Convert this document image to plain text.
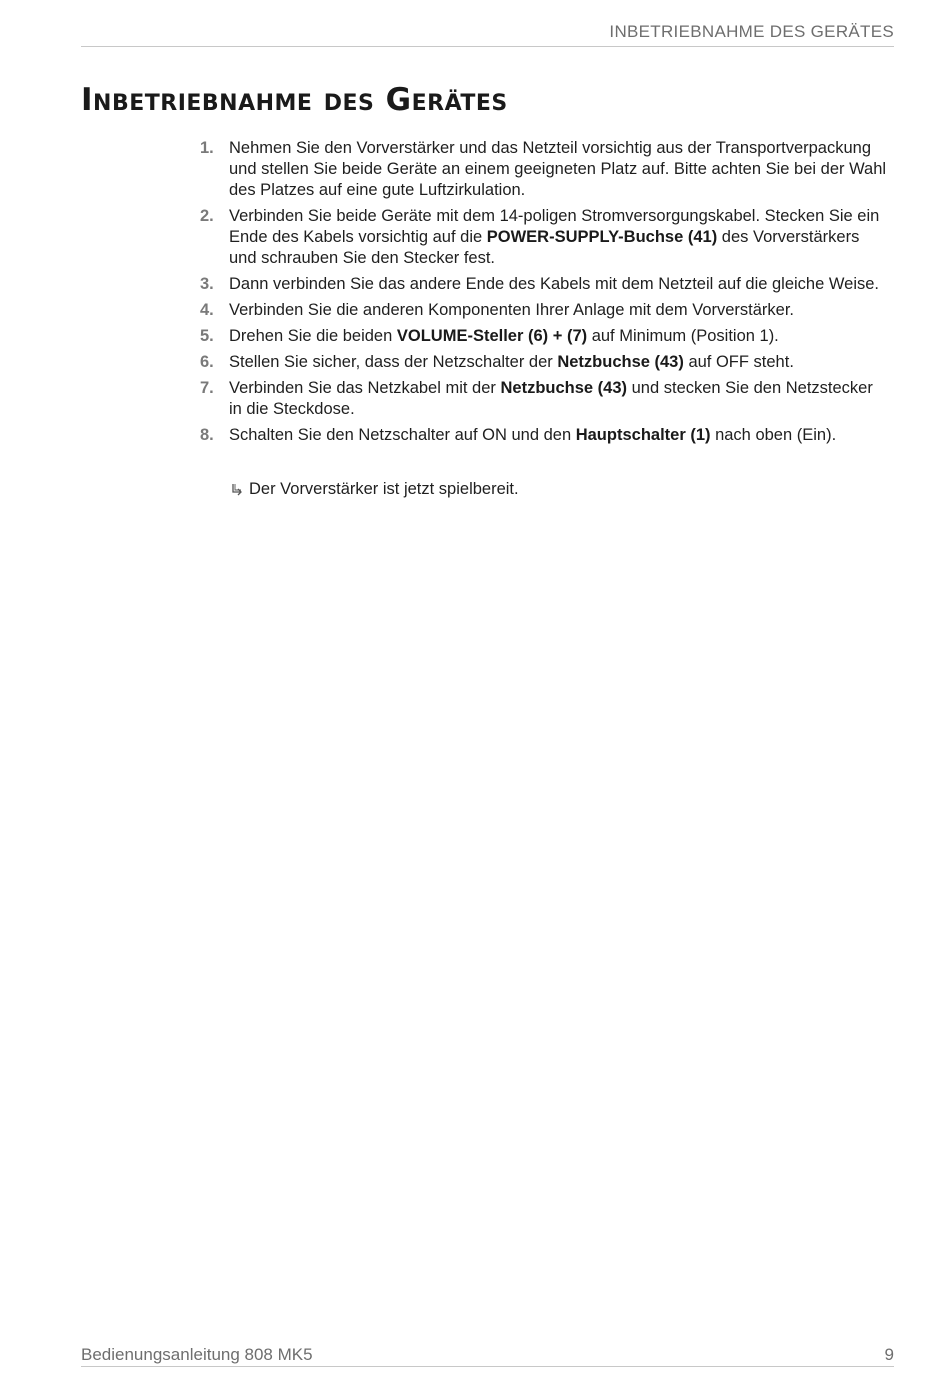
INBETRIEBNAHME DES GERÄTES
Inbetriebnahme des Gerätes
1. Nehmen Sie den Vorverstärker und das Netzteil vorsichtig aus der Transportverpackung und stellen Sie beide Geräte an einem geeigneten Platz auf. Bitte achten Sie bei der Wahl des Platzes auf eine gute Luftzirkulation.
2. Verbinden Sie beide Geräte mit dem 14-poligen Stromversorgungskabel. Stecken Sie ein Ende des Kabels vorsichtig auf die POWER-SUPPLY-Buchse (41) des Vorverstärkers und schrauben Sie den Stecker fest.
3. Dann verbinden Sie das andere Ende des Kabels mit dem Netzteil auf die gleiche Weise.
4. Verbinden Sie die anderen Komponenten Ihrer Anlage mit dem Vorverstärker.
5. Drehen Sie die beiden VOLUME-Steller (6) + (7) auf Minimum (Position 1).
6. Stellen Sie sicher, dass der Netzschalter der Netzbuchse (43) auf OFF steht.
7. Verbinden Sie das Netzkabel mit der Netzbuchse (43) und stecken Sie den Netzstecker in die Steckdose.
8. Schalten Sie den Netzschalter auf ON und den Hauptschalter (1) nach oben (Ein).
Der Vorverstärker ist jetzt spielbereit.
Bedienungsanleitung 808 MK5	9
